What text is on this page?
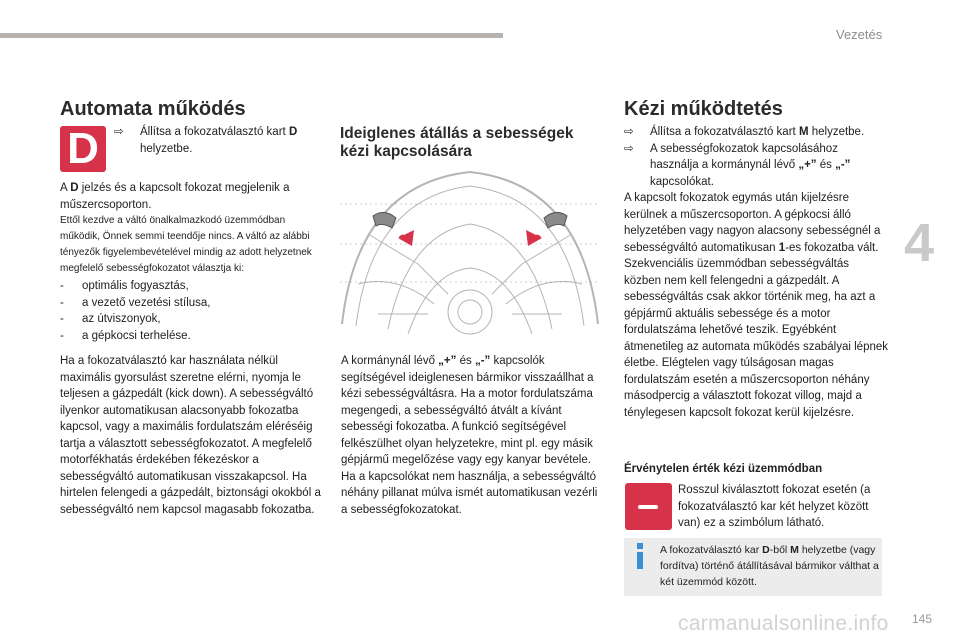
Vezetés
4
Automata működés
D	⇨	Állítsa a fokozatválasztó kart D helyzetbe.
A D jelzés és a kapcsolt fokozat megjelenik a műszercsoporton.
Ettől kezdve a váltó önalkalmazkodó üzemmódban működik, Önnek semmi teendője nincs. A váltó az alábbi tényezők figyelembevételével mindig az adott helyzetnek megfelelő sebességfokozatot választja ki:
- optimális fogyasztás,
- a vezető vezetési stílusa,
- az útviszonyok,
- a gépkocsi terhelése.
Ha a fokozatválasztó kar használata nélkül maximális gyorsulást szeretne elérni, nyomja le teljesen a gázpedált (kick down). A sebességváltó ilyenkor automatikusan alacsonyabb fokozatba kapcsol, vagy a maximális fordulatszám eléréséig tartja a választott sebességfokozatot. A megfelelő motorfékhatás érdekében fékezéskor a sebességváltó automatikusan visszakapcsol. Ha hirtelen felengedi a gázpedált, biztonsági okokból a sebességváltó nem kapcsol magasabb fokozatba.
Ideiglenes átállás a sebességek kézi kapcsolására
A kormánynál lévő „+” és „-” kapcsolók segítségével ideiglenesen bármikor visszaállhat a kézi sebességváltásra. Ha a motor fordulatszáma megengedi, a sebességváltó átvált a kívánt sebességi fokozatba. A funkció segítségével felkészülhet olyan helyzetekre, mint pl. egy másik gépjármű megelőzése vagy egy kanyar bevétele. Ha a kapcsolókat nem használja, a sebességváltó néhány pillanat múlva ismét automatikusan vezérli a sebességfokozatokat.
Kézi működtetés
⇨	Állítsa a fokozatválasztó kart M helyzetbe.
⇨	A sebességfokozatok kapcsolásához használja a kormánynál lévő „+” és „-” kapcsolókat.
A kapcsolt fokozatok egymás után kijelzésre kerülnek a műszercsoporton. A gépkocsi álló helyzetében vagy nagyon alacsony sebességnél a sebességváltó automatikusan 1-es fokozatba vált. Szekvenciális üzemmódban sebességváltás közben nem kell felengedni a gázpedált. A sebességváltás csak akkor történik meg, ha azt a gépjármű aktuális sebessége és a motor fordulatszáma lehetővé teszik. Egyébként átmenetileg az automata működés szabályai lépnek életbe. Elégtelen vagy túlságosan magas fordulatszám esetén a műszercsoporton néhány másodpercig a választott fokozat villog, majd a ténylegesen kapcsolt fokozat kerül kijelzésre.
Érvénytelen érték kézi üzemmódban
Rosszul kiválasztott fokozat esetén (a fokozatválasztó kar két helyzet között van) ez a szimbólum látható.
A fokozatválasztó kar D-ből M helyzetbe (vagy fordítva) történő átállításával bármikor válthat a két üzemmód között.
carmanualsonline.info 145
